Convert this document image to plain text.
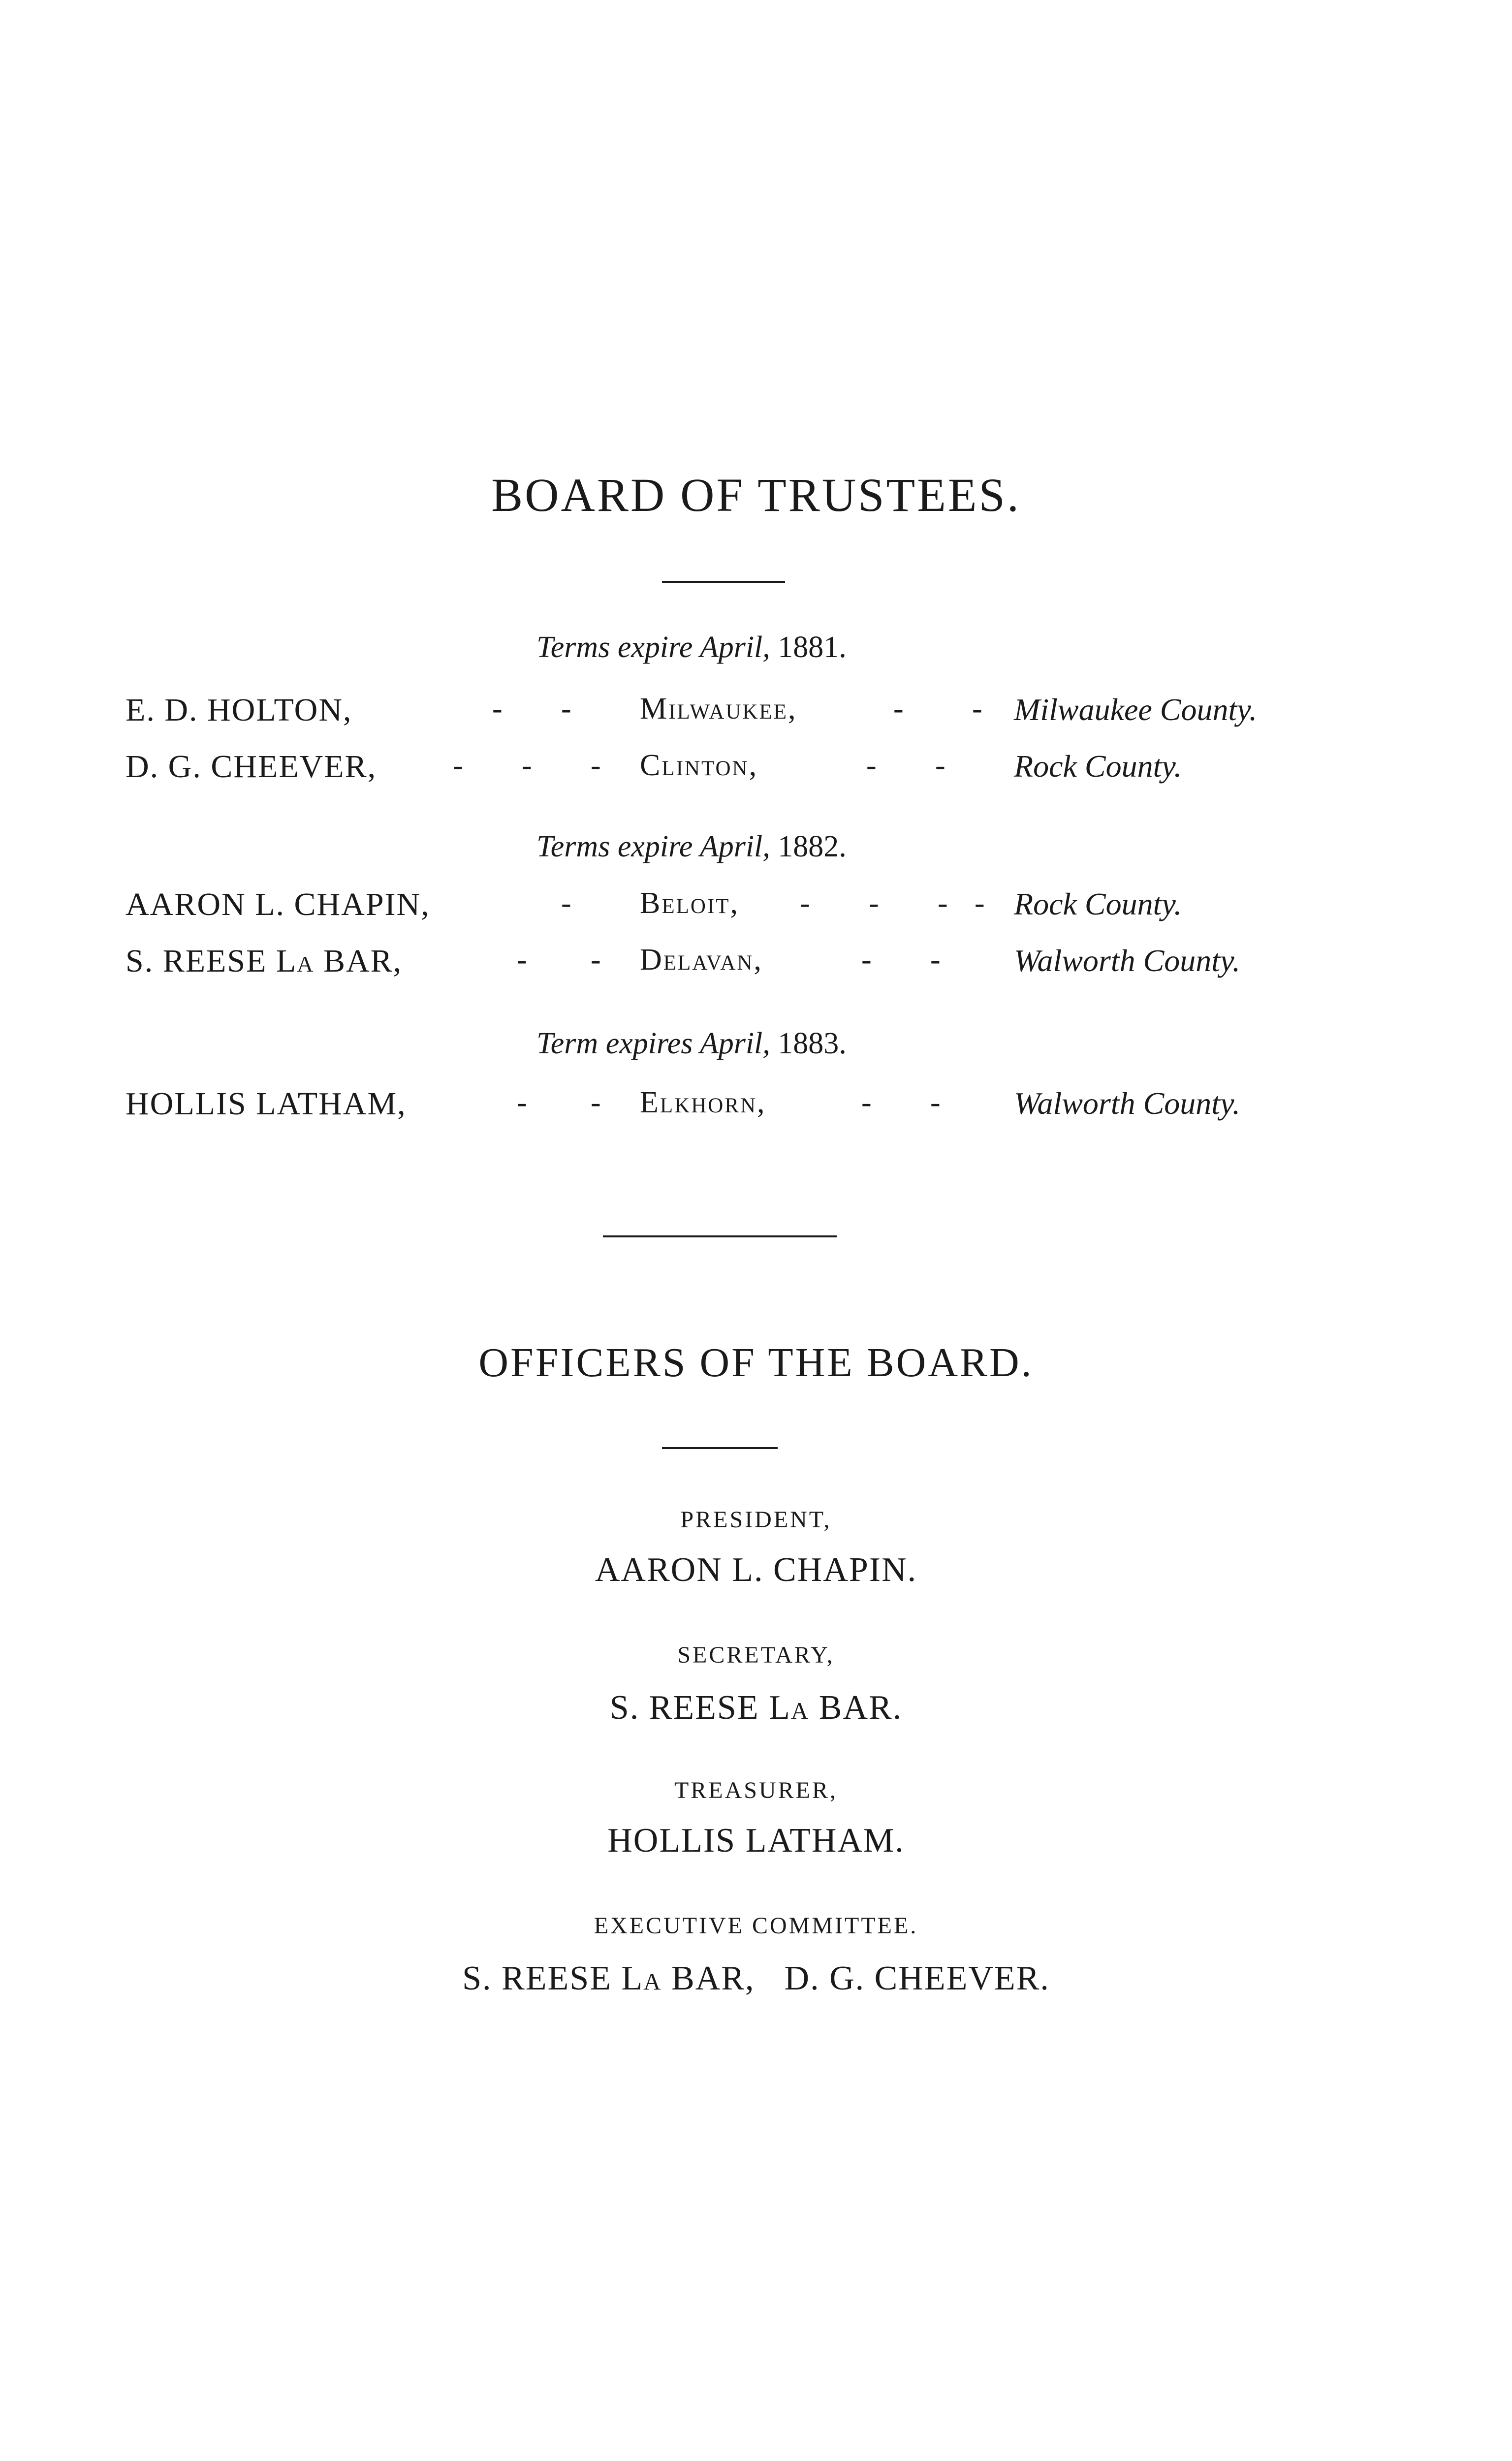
BOARD OF TRUSTEES.
Terms expire April, 1881.
E. D. HOLTON,	- - Milwaukee,	- - Milwaukee County.
D. G. CHEEVER, - - - Clinton,	- - Rock County.
Terms expire April, 1882.
AARON L. CHAPIN,	- Beloit, - - - - Rock County.
S. REESE La BAR,	- - Delavan,	- - Walworth County.
Term expires April, 1883.
HOLLIS LATHAM,	- - Elkhorn,	- - Walworth County.
OFFICERS OF THE BOARD.
PRESIDENT,
AARON L. CHAPIN.
SECRETARY,
S. REESE La BAR.
TREASURER,
HOLLIS LATHAM.
EXECUTIVE COMMITTEE.
S. REESE La BAR, D. G. CHEEVER.
